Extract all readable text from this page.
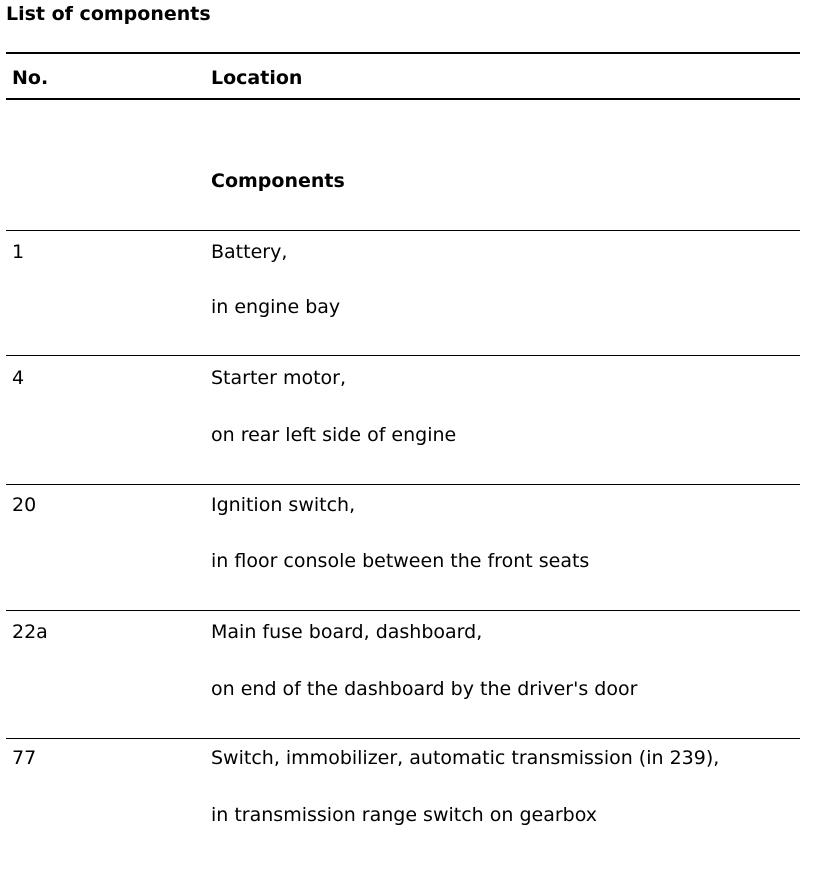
List of components
No.	Location
Components
1	Battery,
in engine bay
4	Starter motor,
on rear left side of engine
20	Ignition switch,
in floor console between the front seats
22a	Main fuse board, dashboard,
on end of the dashboard by the driver's door
77	Switch, immobilizer, automatic transmission (in 239),
in transmission range switch on gearbox
